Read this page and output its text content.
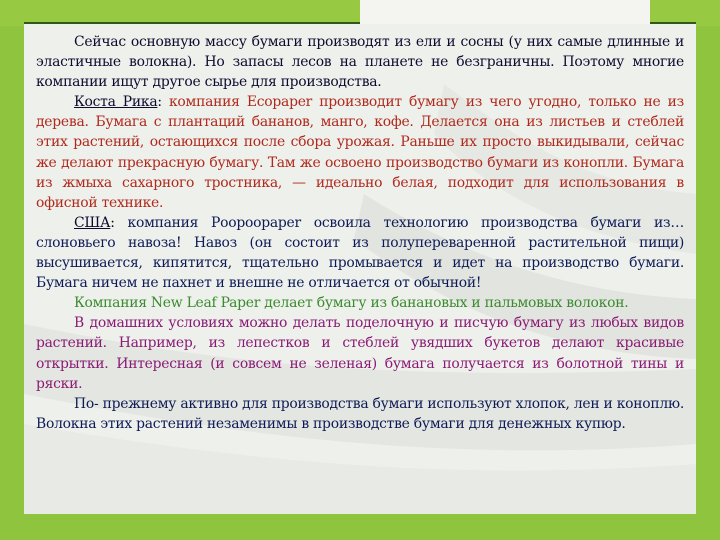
Сейчас основную массу бумаги производят из ели и сосны (у них самые длинные и эластичные волокна). Но запасы лесов на планете не безграничны. Поэтому многие компании ищут другое сырье для производства.

Коста Рика: компания Ecopaper производит бумагу из чего угодно, только не из дерева. Бумага с плантаций бананов, манго, кофе. Делается она из листьев и стеблей этих растений, остающихся после сбора урожая. Раньше их просто выкидывали, сейчас же делают прекрасную бумагу. Там же освоено производство бумаги из конопли. Бумага из жмыха сахарного тростника, — идеально белая, подходит для использования в офисной технике.

США: компания Рoopoopaper освоила технологию производства бумаги из… слоновьего навоза! Навоз (он состоит из полупереваренной растительной пищи) высушивается, кипятится, тщательно промывается и идет на производство бумаги. Бумага ничем не пахнет и внешне не отличается от обычной!

Компания New Leaf Paper делает бумагу из банановых и пальмовых волокон.

В домашних условиях можно делать поделочную и писчую бумагу из любых видов растений. Например, из лепестков и стеблей увядших букетов делают красивые открытки. Интересная (и совсем не зеленая) бумага получается из болотной тины и ряски.

По- прежнему активно для производства бумаги используют хлопок, лен и коноплю. Волокна этих растений незаменимы в производстве бумаги для денежных купюр.
